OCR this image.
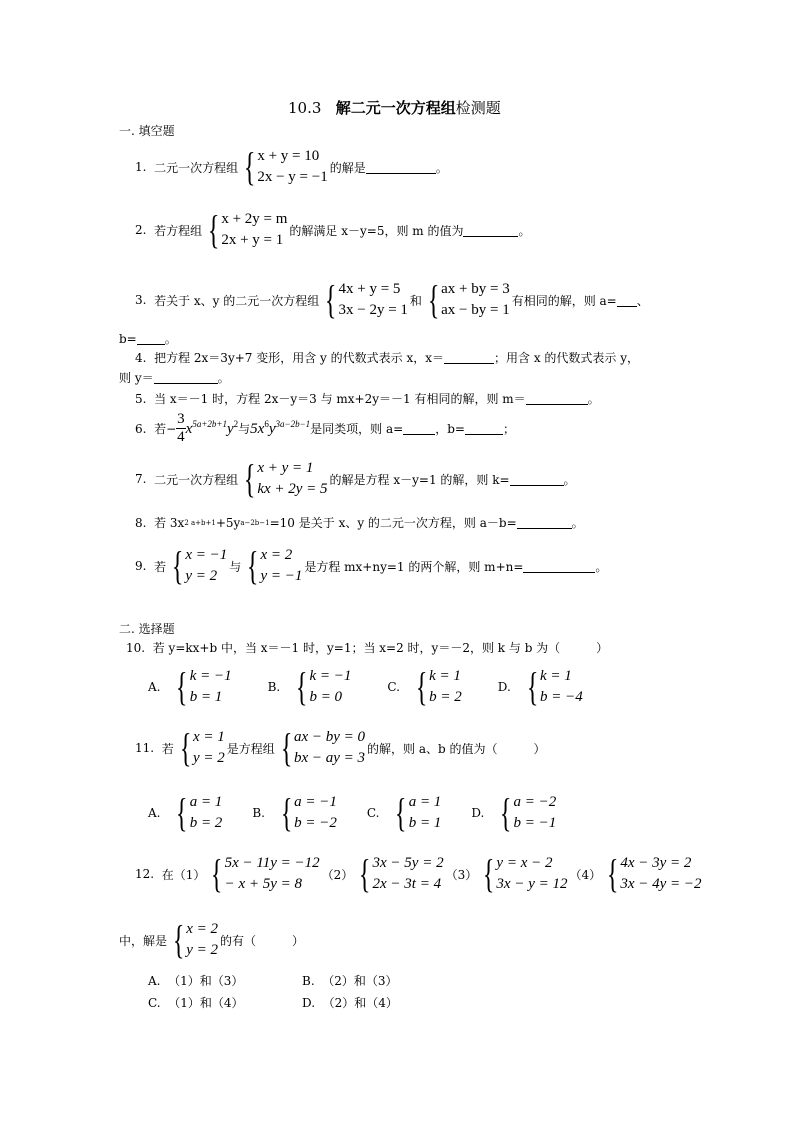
10.3 解二元一次方程组检测题
一. 填空题
1.
二元一次方程组 { x + y = 10
2x − y = −1
的解是	。
2.
若方程组 { x + 2y = m
2x + y = 1
的解满足 x－y=5，则 m 的值为	。
3.
若关于 x、y 的二元一次方程组 { 4x + y = 5
3x − 2y = 1
和 { ax + by = 3
ax − by = 1
有相同的解，则 a= 、
b= 。
4.
把方程 2x＝3y+7 变形，用含 y 的代数式表示 x，x＝	；用含 x 的代数式表示 y，
则 y＝	。
5.
当 x＝－1 时，方程 2x－y＝3 与 mx+2y＝－1 有相同的解，则 m＝	。
6.
若− $\frac{3}{4} x^{5a+2b+1}y^2$ 与 $5x^6y^{3a-2b-1}$ 是同类项，则 a=	，b=	；
7.
二元一次方程组 { x + y = 1
kx + 2y = 5
的解是方程 x－y=1 的解，则 k=	。
8.
若 3x 2 a+b+1 +5y a−2b−1 =10 是关于 x、y 的二元一次方程，则 a－b=	。
9.
若 { x = −1
y = 2
与 { x = 2
y = −1
是方程 mx+ny=1 的两个解，则 m+n=	。
二. 选择题
10.
若 y=kx+b 中，当 x＝－1 时，y=1；当 x=2 时，y＝－2，则 k 与 b 为（　　　）
A. { k = −1
b = 1
B. { k = −1
b = 0
C. { k = 1
b = 2
D. { k = 1
b = −4
11.
若 { x = 1
y = 2
是方程组 { ax − by = 0
bx − ay = 3
的解，则 a、b 的值为（　　　）
A. { a = 1
b = 2
B. { a = −1
b = −2
C. { a = 1
b = 1
D. { a = −2
b = −1
12.
在 （1） { 5x − 11y = −12
− x + 5y = 8
（2） { 3x − 5y = 2
2x − 3t = 4
（3） { y = x − 2
3x − y = 12
（4） { 4x − 3y = 2
3x − 4y = −2
中，解是 { x = 2
y = 2
的有（　　　）
A. （1）和（3）	B. （2）和（3）
C. （1）和（4）	D. （2）和（4）
